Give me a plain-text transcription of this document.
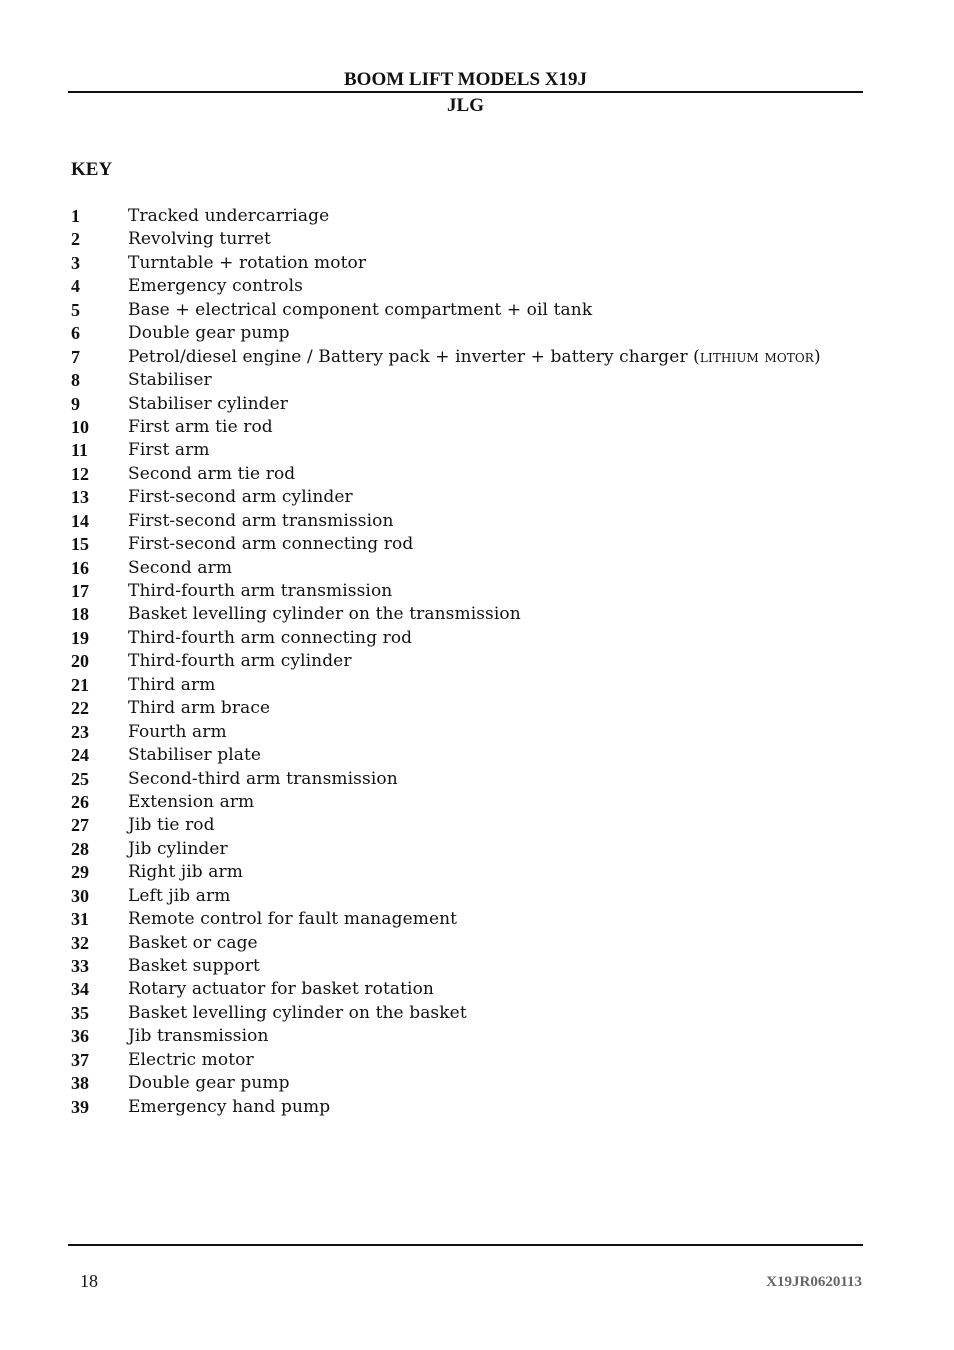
BOOM LIFT MODELS X19J
JLG
KEY
1	Tracked undercarriage
2	Revolving turret
3	Turntable + rotation motor
4	Emergency controls
5	Base + electrical component compartment + oil tank
6	Double gear pump
7	Petrol/diesel engine / Battery pack + inverter + battery charger (lithium motor)
8	Stabiliser
9	Stabiliser cylinder
10	First arm tie rod
11	First arm
12	Second arm tie rod
13	First-second arm cylinder
14	First-second arm transmission
15	First-second arm connecting rod
16	Second arm
17	Third-fourth arm transmission
18	Basket levelling cylinder on the transmission
19	Third-fourth arm connecting rod
20	Third-fourth arm cylinder
21	Third arm
22	Third arm brace
23	Fourth arm
24	Stabiliser plate
25	Second-third arm transmission
26	Extension arm
27	Jib tie rod
28	Jib cylinder
29	Right jib arm
30	Left jib arm
31	Remote control for fault management
32	Basket or cage
33	Basket support
34	Rotary actuator for basket rotation
35	Basket levelling cylinder on the basket
36	Jib transmission
37	Electric motor
38	Double gear pump
39	Emergency hand pump
18	X19JR0620113
